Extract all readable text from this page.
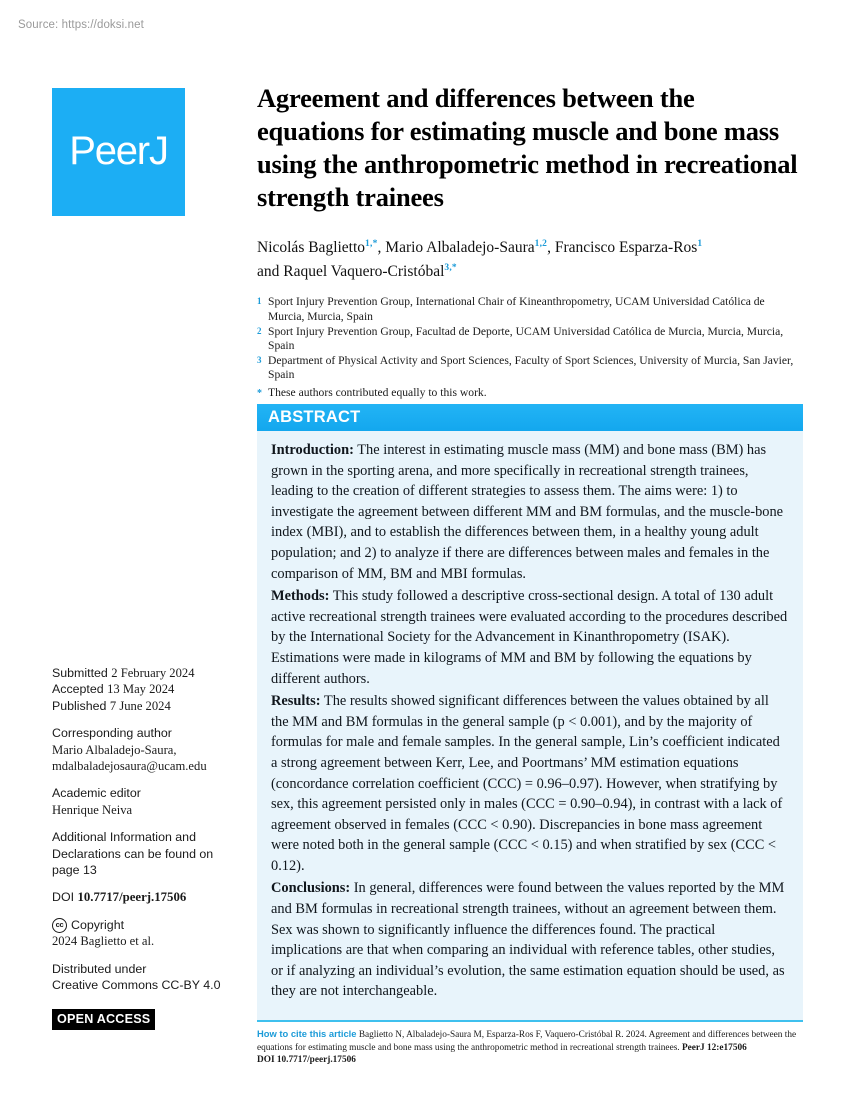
Source: https://doksi.net
PeerJ
Submitted 2 February 2024
Accepted 13 May 2024
Published 7 June 2024
Corresponding author
Mario Albaladejo-Saura,
mdalbaladejosaura@ucam.edu
Academic editor
Henrique Neiva
Additional Information and Declarations can be found on page 13
DOI 10.7717/peerj.17506
cc Copyright
2024 Baglietto et al.
Distributed under
Creative Commons CC-BY 4.0
OPEN ACCESS
Agreement and differences between the equations for estimating muscle and bone mass using the anthropometric method in recreational strength trainees
Nicolás Baglietto$^{1,*}$, Mario Albaladejo-Saura$^{1,2}$, Francisco Esparza-Ros$^1$
and Raquel Vaquero-Cristóbal$^{3,*}$
1 Sport Injury Prevention Group, International Chair of Kineanthropometry, UCAM Universidad Católica de Murcia, Murcia, Spain
2 Sport Injury Prevention Group, Facultad de Deporte, UCAM Universidad Católica de Murcia, Murcia, Murcia, Spain
3 Department of Physical Activity and Sport Sciences, Faculty of Sport Sciences, University of Murcia, San Javier, Spain
* These authors contributed equally to this work.
ABSTRACT

Introduction: The interest in estimating muscle mass (MM) and bone mass (BM) has grown in the sporting arena, and more specifically in recreational strength trainees, leading to the creation of different strategies to assess them. The aims were: 1) to investigate the agreement between different MM and BM formulas, and the muscle-bone index (MBI), and to establish the differences between them, in a healthy young adult population; and 2) to analyze if there are differences between males and females in the comparison of MM, BM and MBI formulas.

Methods: This study followed a descriptive cross-sectional design. A total of 130 adult active recreational strength trainees were evaluated according to the procedures described by the International Society for the Advancement in Kinanthropometry (ISAK). Estimations were made in kilograms of MM and BM by following the equations by different authors.

Results: The results showed significant differences between the values obtained by all the MM and BM formulas in the general sample (p < 0.001), and by the majority of formulas for male and female samples. In the general sample, Lin’s coefficient indicated a strong agreement between Kerr, Lee, and Poortmans’ MM estimation equations (concordance correlation coefficient (CCC) = 0.96–0.97). However, when stratifying by sex, this agreement persisted only in males (CCC = 0.90–0.94), in contrast with a lack of agreement observed in females (CCC < 0.90). Discrepancies in bone mass agreement were noted both in the general sample (CCC < 0.15) and when stratified by sex (CCC < 0.12).

Conclusions: In general, differences were found between the values reported by the MM and BM formulas in recreational strength trainees, without an agreement between them. Sex was shown to significantly influence the differences found. The practical implications are that when comparing an individual with reference tables, other studies, or if analyzing an individual’s evolution, the same estimation equation should be used, as they are not interchangeable.

How to cite this article Baglietto N, Albaladejo-Saura M, Esparza-Ros F, Vaquero-Cristóbal R. 2024. Agreement and differences between the equations for estimating muscle and bone mass using the anthropometric method in recreational strength trainees. PeerJ 12:e17506
DOI 10.7717/peerj.17506
